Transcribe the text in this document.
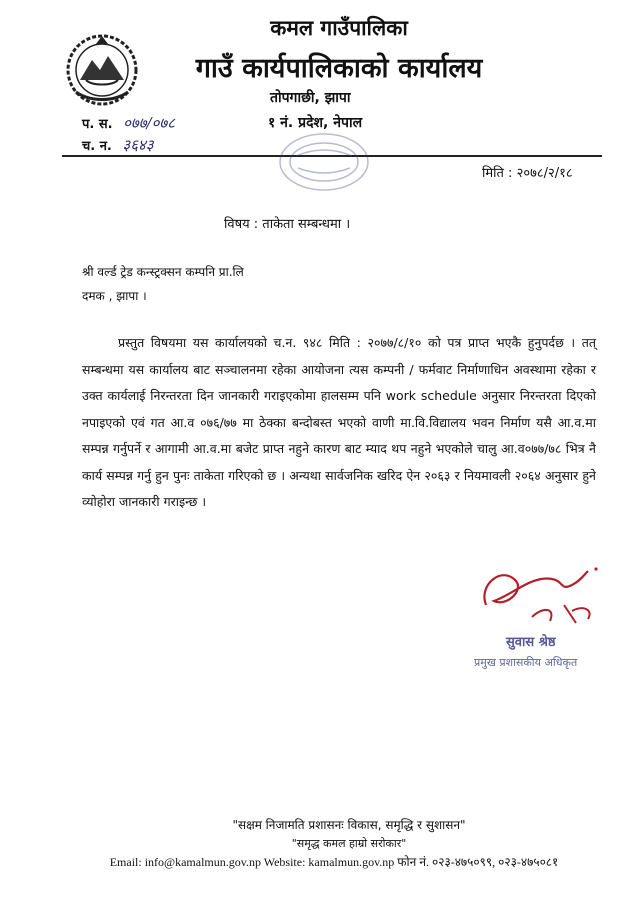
कमल गाउँपालिका
गाउँ कार्यपालिकाको कार्यालय
तोपगाछी, झापा
१ नं. प्रदेश, नेपाल
प. स. ०७७/०७८
च. न. ३६४३
मिति : २०७८/२/१८
विषय : ताकेता सम्बन्धमा ।
श्री वर्ल्ड ट्रेड कन्स्ट्रक्सन कम्पनि प्रा.लि
दमक , झापा ।

प्रस्तुत विषयमा यस कार्यालयको च.न. ९४८ मिति : २०७७/८/१० को पत्र प्राप्त भएकै हुनुपर्दछ । तत् सम्बन्धमा यस कार्यालय बाट सञ्चालनमा रहेका आयोजना त्यस कम्पनी / फर्मवाट निर्माणाधिन अवस्थामा रहेका र उक्त कार्यलाई निरन्तरता दिन जानकारी गराइएकोमा हालसम्म पनि work schedule अनुसार निरन्तरता दिएको नपाइएको एवं गत आ.व ०७६/७७ मा ठेक्का बन्दोबस्त भएको वाणी मा.वि.विद्यालय भवन निर्माण यसै आ.व.मा सम्पन्न गर्नुपर्ने र आगामी आ.व.मा बजेट प्राप्त नहुने कारण बाट म्याद थप नहुने भएकोले चालु आ.व०७७/७८ भित्र नै कार्य सम्पन्न गर्नु हुन पुनः ताकेता गरिएको छ । अन्यथा सार्वजनिक खरिद ऐन २०६३ र नियमावली २०६४ अनुसार हुने व्योहोरा जानकारी गराइन्छ ।

सुवास श्रेष्ठ
प्रमुख प्रशासकीय अधिकृत
"सक्षम निजामति प्रशासनः विकास, समृद्धि र सुशासन"
"समृद्ध कमल हाम्रो सरोकार"
Email: info@kamalmun.gov.np Website: kamalmun.gov.np फोन नं. ०२३-४७५०९९, ०२३-४७५०८१
